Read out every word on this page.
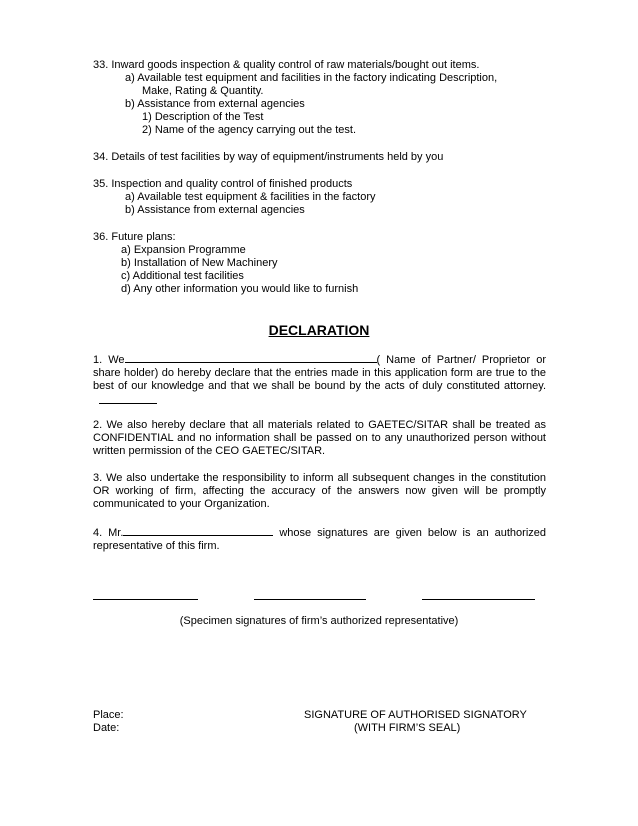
33. Inward goods inspection & quality control of raw materials/bought out items.
a) Available test equipment and facilities in the factory indicating Description,
Make, Rating & Quantity.
b) Assistance from external agencies
1) Description of the Test
2) Name of the agency carrying out the test.
34. Details of test facilities by way of equipment/instruments held by you
35. Inspection and quality control of finished products
a) Available test equipment & facilities in the factory
b) Assistance from external agencies
36. Future plans:
a) Expansion Programme
b) Installation of New Machinery
c) Additional test facilities
d) Any other information you would like to furnish
DECLARATION
1. We	( Name of Partner/ Proprietor or share holder) do hereby declare that the entries made in this application form are true to the best of our knowledge and that we shall be bound by the acts of duly constituted attorney.
2. We also hereby declare that all materials related to GAETEC/SITAR shall be treated as CONFIDENTIAL and no information shall be passed on to any unauthorized person without written permission of the CEO GAETEC/SITAR.
3. We also undertake the responsibility to inform all subsequent changes in the constitution OR working of firm, affecting the accuracy of the answers now given will be promptly communicated to your Organization.
4. Mr.	whose signatures are given below is an authorized representative of this firm.
(Specimen signatures of firm’s authorized representative)
Place:
Date:
SIGNATURE OF AUTHORISED SIGNATORY
(WITH FIRM’S SEAL)
